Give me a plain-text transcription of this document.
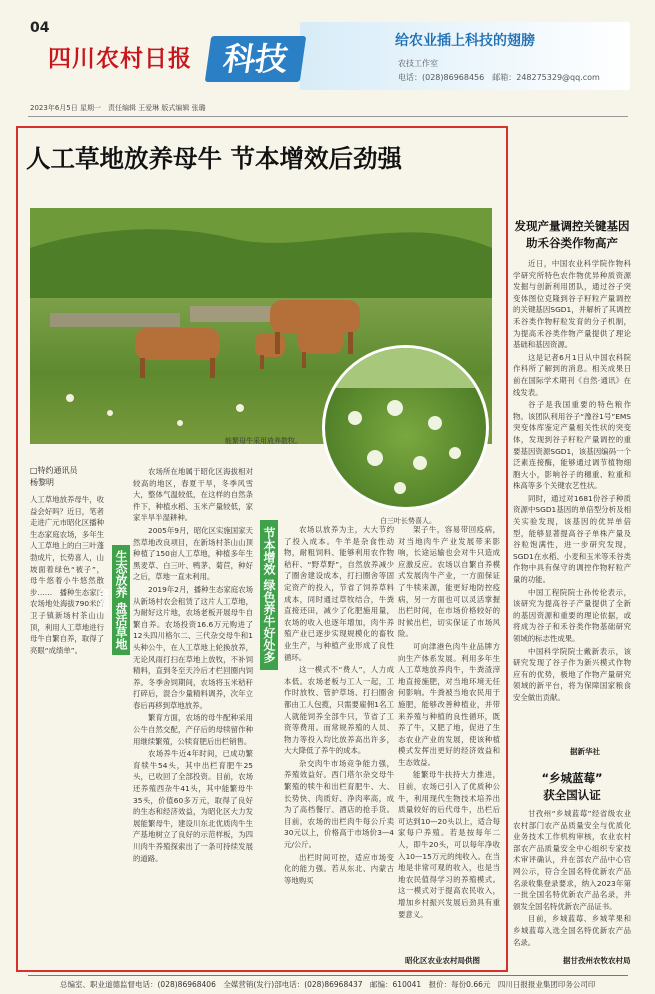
04
四川农村日报 科技	给农业插上科技的翅膀
农技工作室
电话：(028)86968456　邮箱：248275329@qq.com
2023年6月5日 星期一　责任编辑 王爱琳 版式编辑 张璐
人工草地放养母牛 节本增效后劲强
能繁母牛采用放养散牧。
白三叶长势喜人。
□特约通讯员
杨黎明
人工草地放养母牛，收益会好吗？近日，笔者走进广元市昭化区播种生态家庭农场，多年生人工草地上的白三叶蓬勃成片，长势喜人，山坡面着绿色“被子”，母牛悠着小牛悠然散步……　播种生态家庭农场地处海拔790米的卫子镇新场村茶山山顶，利用人工草地进行母牛自繁自养，取得了亮眼“成绩单”。
生态放养 盘活草地资源	节本增效 绿色养牛好处多

农场所在地属于昭化区海拔相对较高的地区，春夏干旱，冬季风雪大，整体气温较低，在这样的自然条件下，种植水稻、玉米产量较低，家家半旱半湿耕种。

2005年9月，昭化区实施国家天然草地改良项目，在新场村茶山山顶种植了150亩人工草地，种植多年生黑麦草、白三叶、鸭茅、菊苣，种好之后，草地一直未利用。

2019年2月，播种生态家庭农场从新场村农会租赁了这片人工草地，为耐好这片地，农场老板开展母牛自繁自养。农场投资16.6万元购进了12头四川格尔二、三代杂交母牛和1头种公牛，在人工草地上轮换放养，无论风雨打扫在草地上放牧，不补饲精料，直到冬至天冷后才栏回圈内饲养。冬季舍饲期间，农场将玉米秸秆打碎后，混合少量精料调养，次年立春后再移到草地放养。

繁育方面，农场的母牛配种采用公牛自然交配，产仔后的母犊留作种用继续繁殖，公犊育肥后出栏销售。

农场养牛近4年时间，已成功繁育犊牛54头，其中出栏育肥牛25头，已收回了全部投资。目前，农场还养殖西杂牛41头，其中能繁母牛35头，价值60多万元，取得了良好的生态和经济效益，为昭化区大力发展能繁母牛，建设川东北优质肉牛生产基地树立了良好的示范样板，为四川肉牛养殖探索出了一条可持续发展的道路。

农场以放养为主，大大节约了投入成本。牛羊是杂食性动物，耐粗饲料、能够利用农作物秸秆、“野草野”，自然放养减少了圈舍建设成本，打扫圈舍等固定资产的投入，节省了饲养草料成本，同时通过草牧结合，牛粪直接还田，减少了化肥施用量，农场的收入也逐年增加，肉牛养殖产业已逐步实现规模化的畜牧业生产，与种植产业形成了良性循环。

这一模式不“费人”，人力成本低。农场老板与工人一起，工作时放牧、管护草场、打扫圈舍都由工人包揽，只需要雇佣1名工人就能饲养全部牛只，节省了工资等费用。而常规养殖的人员、物力等投入均比放养高出许多，大大降低了养牛的成本。

杂交肉牛市场竞争能力强，养殖效益好。西门塔尔杂交母牛繁殖的犊牛和出栏育肥牛、大、长势快、肉质好、净肉率高，成为了高档餐厅、酒店的抢手货。目前，农场的出栏肉牛每公斤卖30元以上，价格高于市场价3—4元/公斤。

出栏时间可控，适应市场变化的能力强。若从东北、内蒙古等地购买

架子牛，容易带回疫病，对当地肉牛产业发展带来影响，长途运输也会对牛只造成应激反应。农场以自繁自养模式发展肉牛产业，一方面保证了牛犊来源，能更好地防控疫病，另一方面也可以灵活掌握出栏时间，在市场价格较好的时候出栏，切实保证了市场风险。

可向津港色肉牛业品牌方向生产体系发展。利用多年生人工草地放养肉牛，牛粪渣滓地直接施肥，对当地环境无任何影响。牛粪被当地农民用于施肥，能够改善种植业，并带来养殖与种植的良性循环，既养了牛，又肥了地，促进了生态农业产业的发展，使该种植模式发挥出更好的经济效益和生态效益。

能繁母牛扶持大力推进，目前，农场已引入了优质种公牛，利用现代生物技术培养出质量较好的后代母牛，出栏后可达到10—20头以上，适合每家每户养殖。若是按每年二人，即牛20头，可以每年净收入10—15万元的纯收入。在当地是非常可观的收入，也是当地农民值得学习的养殖模式。这一模式对于提高农民收入，增加乡村振兴发展后劲具有重要意义。

昭化区农业农村局供图
发现产量调控关键基因
助禾谷类作物高产

近日，中国农业科学院作物科学研究所特色农作物优异种质资源发掘与创新利用团队，通过谷子突变体图位克隆到谷子籽粒产量调控的关键基因SGD1，并解析了其调控禾谷类作物籽粒发育的分子机制，为提高禾谷类作物产量提供了理论基础和基因资源。

这是记者6月1日从中国农科院作科所了解到的消息。相关成果日前在国际学术期刊《自然·通讯》在线发表。

谷子是我国重要的特色粮作物。该团队利用谷子“豫谷1号”EMS突变体库鉴定产量相关性状的突变体，发现到谷子籽粒产量调控的重要基因资源SGD1，该基因编码一个泛素连接酶，能够通过调节植物细胞大小，影响谷子的穗重、粒重和株高等多个关键农艺性状。

同时，通过对1681份谷子种质资源中SGD1基因的单倍型分析及相关实验发现，该基因的优异单倍型，能够显著提高谷子单株产量及谷粒饱满性，进一步研究发现，SGD1在水稻、小麦和玉米等禾谷类作物中具有保守的调控作物籽粒产量的功能。

中国工程院院士孙传伦表示，该研究为提高谷子产量提供了全新的基因资源和重要的理论依据，或将成为谷子和禾谷类作物基础研究领域的标志性成果。

中国科学院院士戴新表示，该研究发现了谷子作为新兴模式作物应有的优势，极地了作物产量研究领域的新平台，将为保障国家粮食安全做出贡献。

据新华社
“乡城蓝莓”
获全国认证

甘孜州“乡城蓝莓”经省级农业农村部门农产品质量安全与优质化业务技术工作机构审核，农业农村部农产品质量安全中心组织专家技术审评确认，并在部农产品中心官网公示，符合全国名特优新农产品名录收集登录要求，纳入2023年第一批全国名特优新农产品名录，并颁发全国名特优新农产品证书。

目前，乡城蓝莓、乡城苹果和乡城蓝莓入选全国名特优新农产品名录。

据甘孜州农牧农村局
总编室、职业道德监督电话：(028)86968406　全媒营销(发行)部电话：(028)86968437　邮编：610041　报价：每份0.66元　四川日报报业集团印务公司印
